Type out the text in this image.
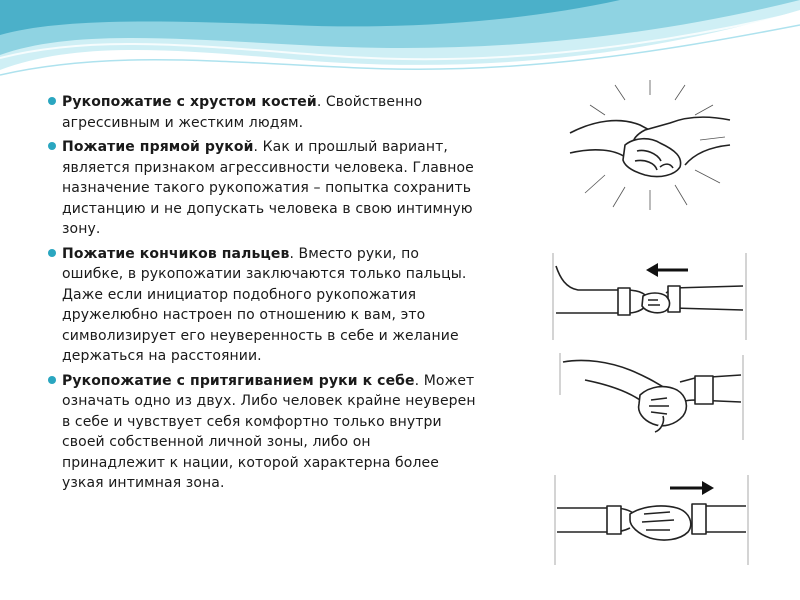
Рукопожатие с хрустом костей. Свойственно агрессивным и жестким людям.
Пожатие прямой рукой. Как и прошлый вариант, является признаком агрессивности человека. Главное назначение такого рукопожатия – попытка сохранить дистанцию и не допускать человека в свою интимную зону.
Пожатие кончиков пальцев. Вместо руки, по ошибке, в рукопожатии заключаются только пальцы. Даже если инициатор подобного рукопожатия дружелюбно настроен по отношению к вам, это символизирует его неуверенность в себе и желание держаться на расстоянии.
Рукопожатие с притягиванием руки к себе. Может означать одно из двух. Либо человек крайне неуверен в себе и чувствует себя комфортно только внутри своей собственной личной зоны, либо он принадлежит к нации, которой характерна более узкая интимная зона.
